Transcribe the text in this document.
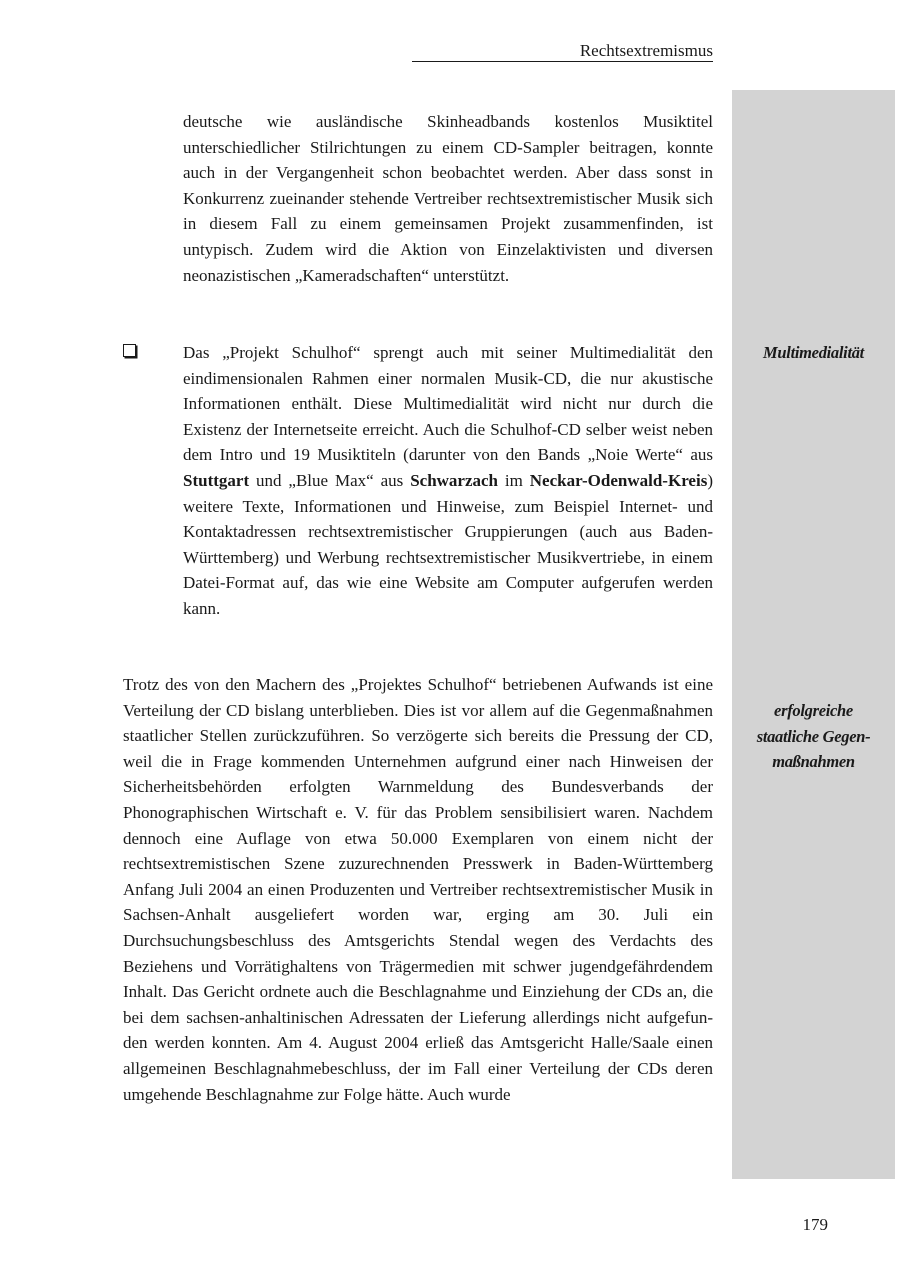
Rechtsextremismus
Multimedialität
erfolgreiche
staatliche Gegen-
maßnahmen

deutsche wie ausländische Skinheadbands kostenlos Musiktitel unterschiedlicher Stilrichtungen zu einem CD-Sampler beitragen, konnte auch in der Vergangenheit schon beobachtet werden. Aber dass sonst in Konkurrenz zueinander stehende Vertreiber rechtsextremistischer Musik sich in diesem Fall zu einem gemeinsamen Projekt zusammenfinden, ist untypisch. Zudem wird die Aktion von Einzelaktivisten und diversen neonazistischen „Kameradschaften“ unterstützt.

Das „Projekt Schulhof“ sprengt auch mit seiner Multimedialität den eindimensionalen Rahmen einer normalen Musik-CD, die nur akustische Informationen enthält. Diese Multimedialität wird nicht nur durch die Existenz der Internetseite erreicht. Auch die Schulhof-CD selber weist neben dem Intro und 19 Musiktiteln (darunter von den Bands „Noie Werte“ aus Stuttgart und „Blue Max“ aus Schwarzach im Neckar-Odenwald-Kreis) weitere Texte, Informationen und Hinweise, zum Beispiel Internet- und Kontaktadressen rechtsextremistischer Gruppierungen (auch aus Baden-Württemberg) und Werbung rechtsextremistischer Musikvertriebe, in einem Datei-Format auf, das wie eine Website am Computer aufgerufen werden kann.

Trotz des von den Machern des „Projektes Schulhof“ betriebenen Aufwands ist eine Verteilung der CD bislang unterblieben. Dies ist vor allem auf die Gegenmaßnahmen staatlicher Stellen zurückzuführen. So verzögerte sich bereits die Pressung der CD, weil die in Frage kommenden Unternehmen aufgrund einer nach Hinweisen der Sicherheitsbehörden erfolgten Warnmeldung des Bundesverbands der Phonographischen Wirtschaft e. V. für das Problem sensibilisiert waren. Nachdem dennoch eine Auflage von etwa 50.000 Exemplaren von einem nicht der rechtsextremistischen Szene zuzurechnenden Presswerk in Baden-Württemberg Anfang Juli 2004 an einen Produzenten und Vertreiber rechtsextremistischer Musik in Sachsen-Anhalt ausgeliefert worden war, erging am 30. Juli ein Durchsuchungsbeschluss des Amtsgerichts Stendal wegen des Verdachts des Beziehens und Vorrätighaltens von Trägermedien mit schwer jugendgefährdendem Inhalt. Das Gericht ordnete auch die Beschlagnahme und Einziehung der CDs an, die bei dem sachsen-anhaltinischen Adressaten der Lieferung allerdings nicht aufgefunden werden konnten. Am 4. August 2004 erließ das Amtsgericht Halle/Saale einen allgemeinen Beschlagnahmebeschluss, der im Fall einer Verteilung der CDs deren umgehende Beschlagnahme zur Folge hätte. Auch wurde

179
